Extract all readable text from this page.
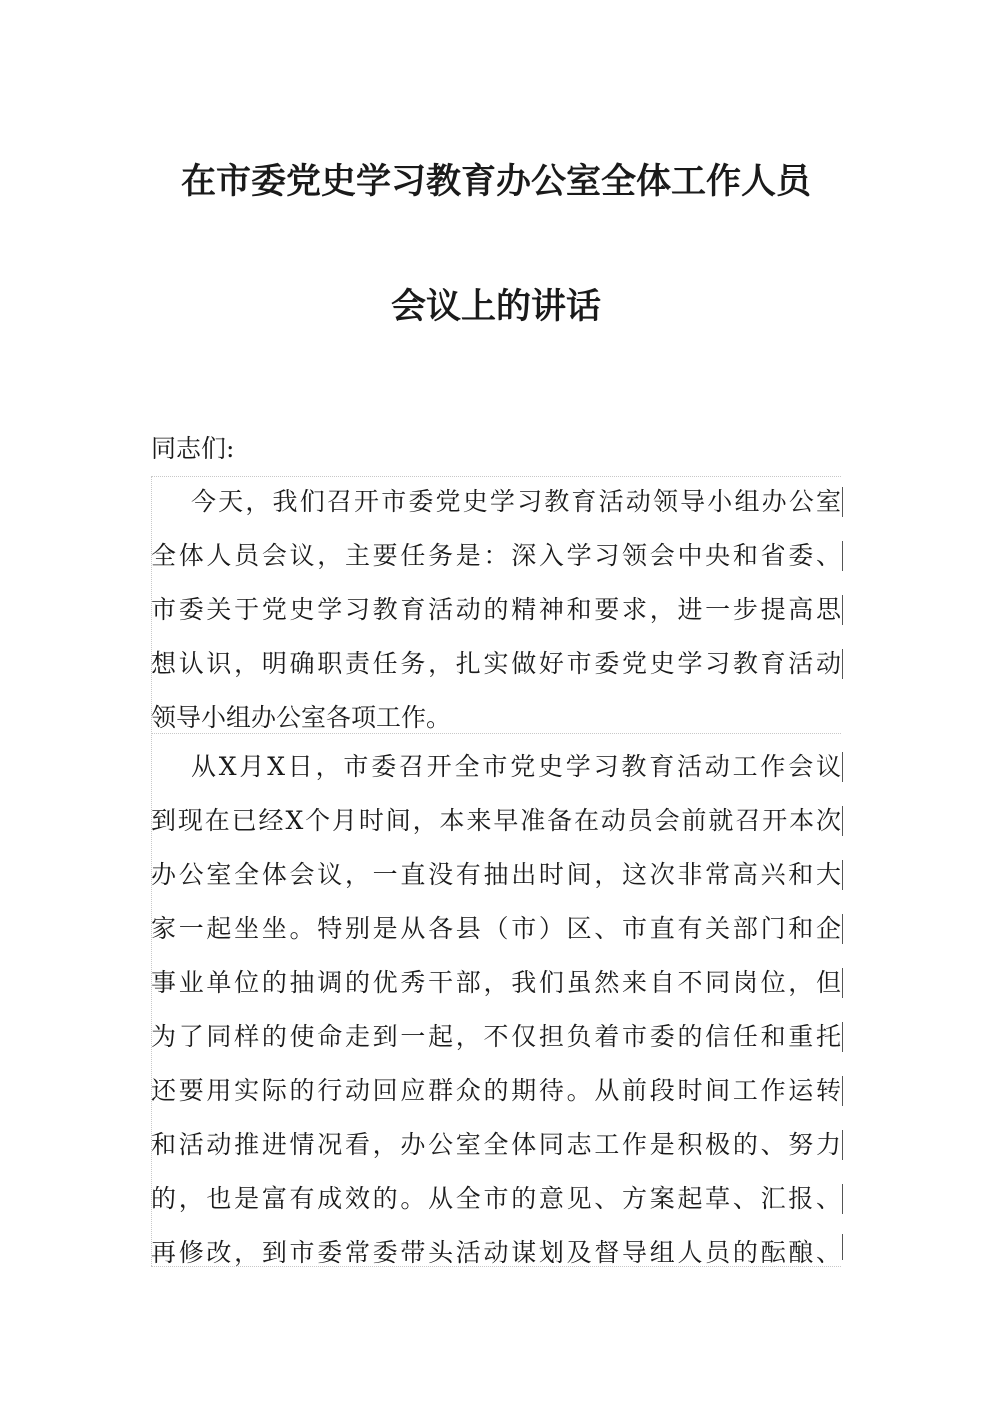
在市委党史学习教育办公室全体工作人员
会议上的讲话
同志们:
今天，我们召开市委党史学习教育活动领导小组办公室
全体人员会议，主要任务是：深入学习领会中央和省委、
市委关于党史学习教育活动的精神和要求，进一步提高思
想认识，明确职责任务，扎实做好市委党史学习教育活动
领导小组办公室各项工作。
从X月X日，市委召开全市党史学习教育活动工作会议
到现在已经X个月时间，本来早准备在动员会前就召开本次
办公室全体会议，一直没有抽出时间，这次非常高兴和大
家一起坐坐。特别是从各县（市）区、市直有关部门和企
事业单位的抽调的优秀干部，我们虽然来自不同岗位，但
为了同样的使命走到一起，不仅担负着市委的信任和重托
还要用实际的行动回应群众的期待。从前段时间工作运转
和活动推进情况看，办公室全体同志工作是积极的、努力
的，也是富有成效的。从全市的意见、方案起草、汇报、
再修改，到市委常委带头活动谋划及督导组人员的酝酿、
